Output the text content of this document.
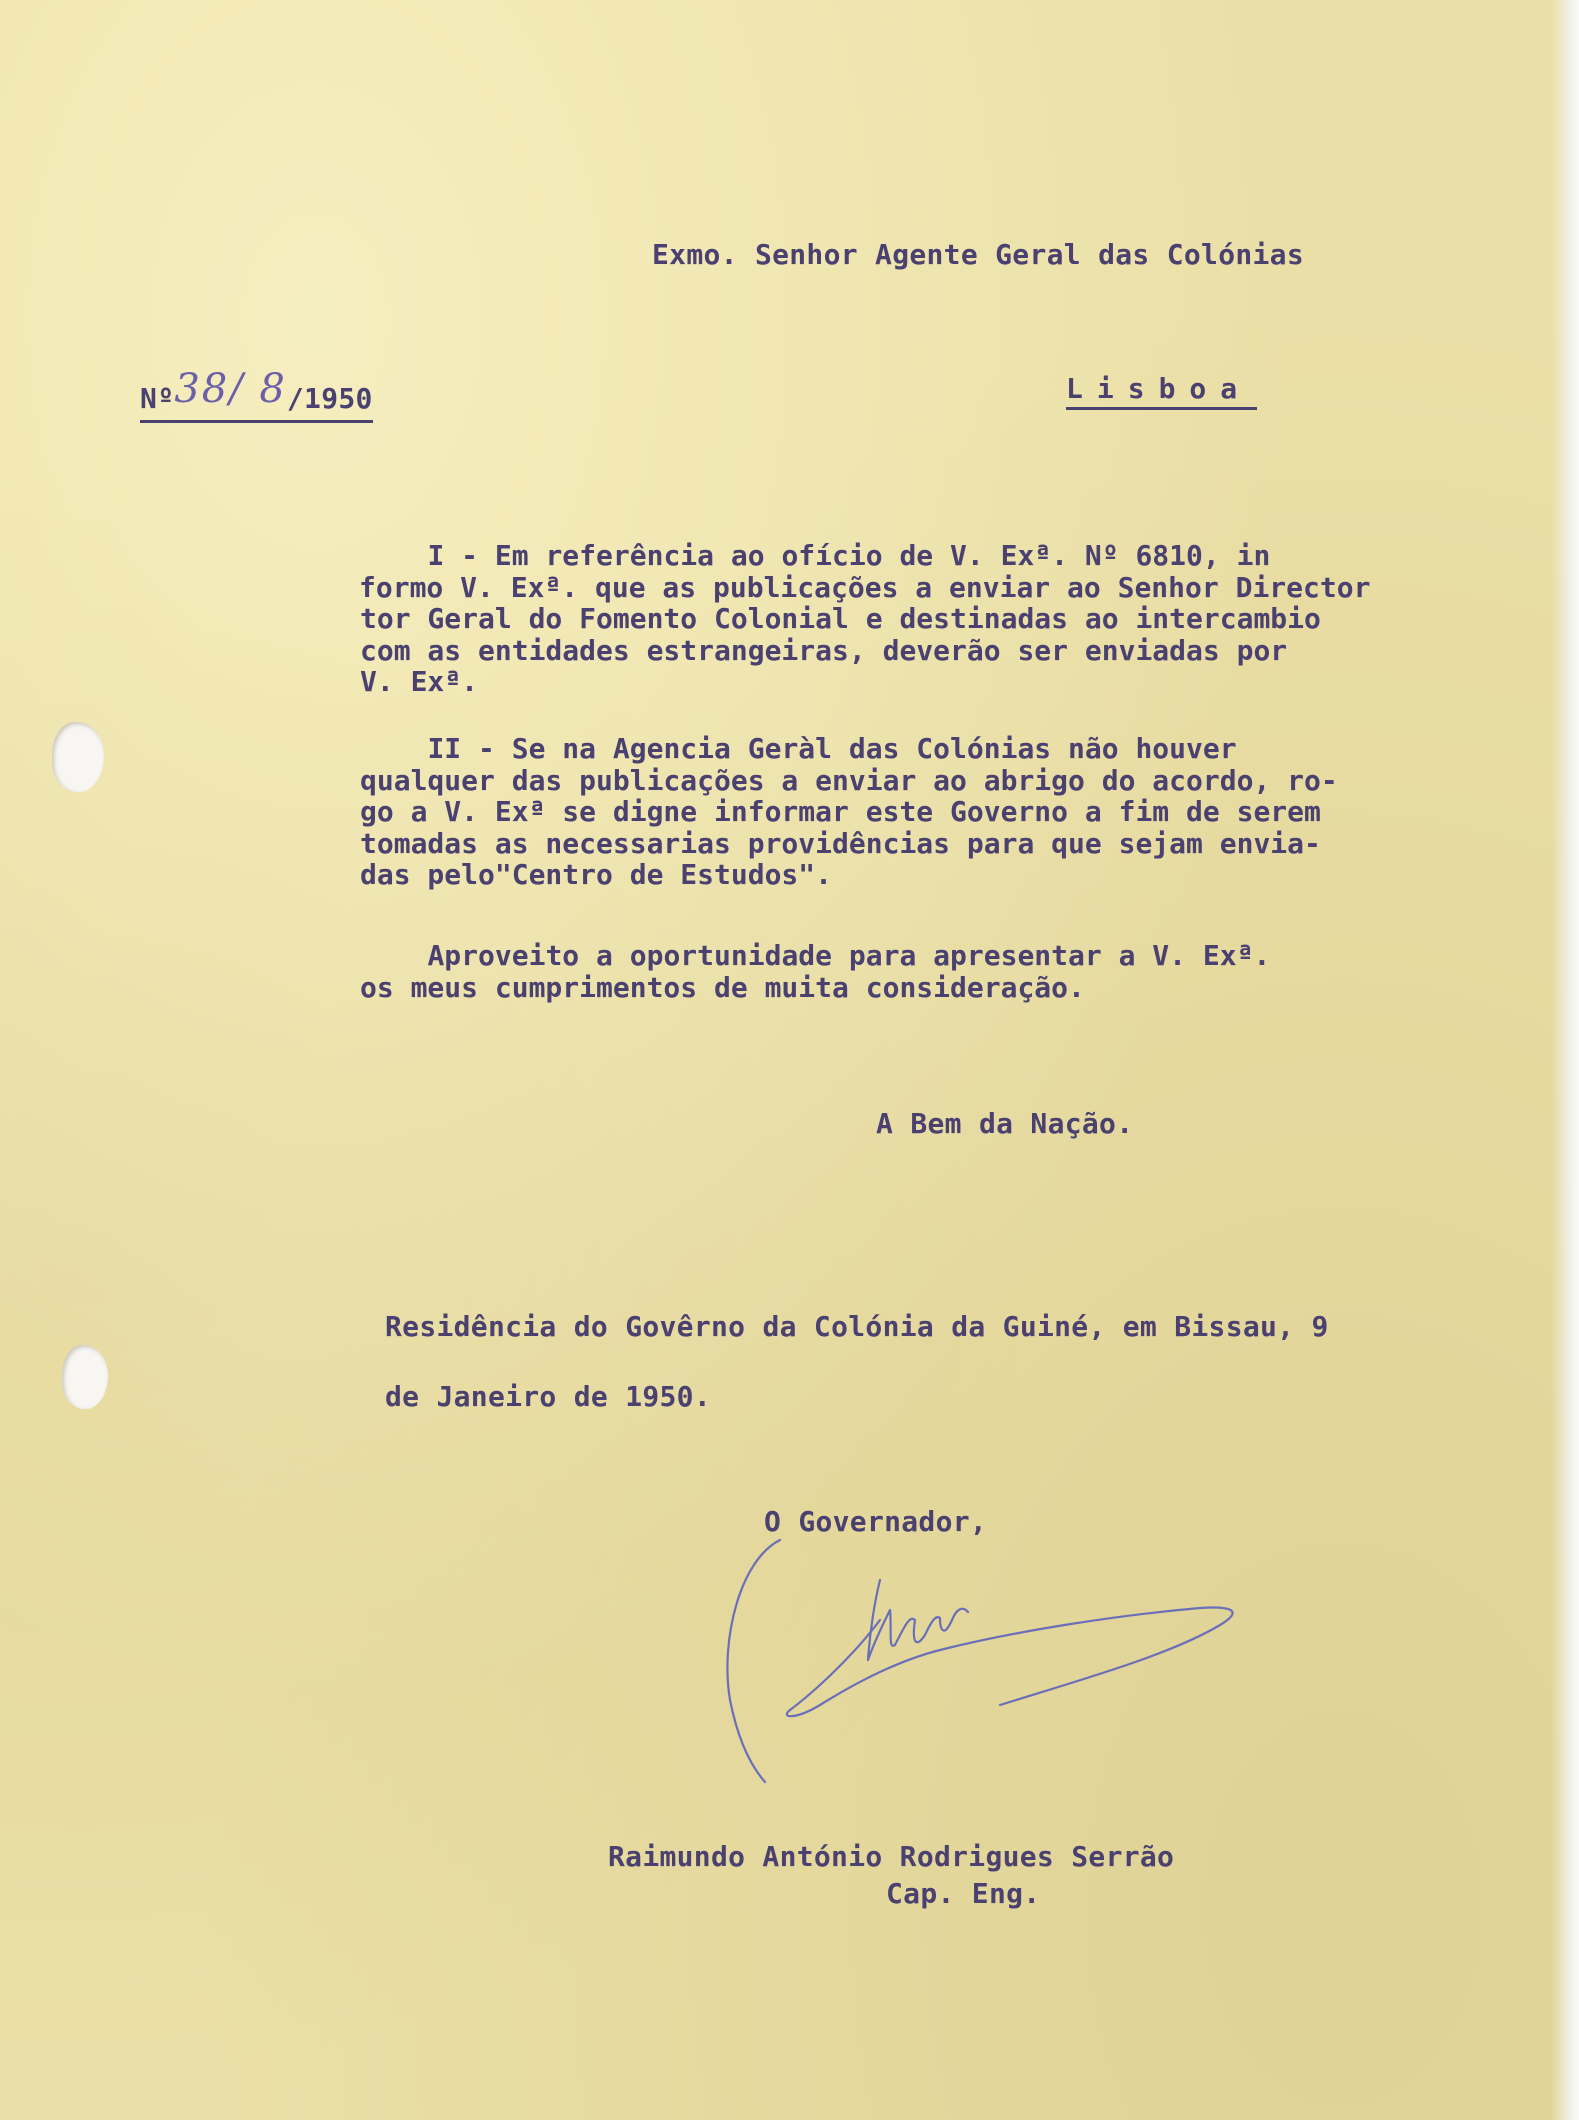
Exmo. Senhor Agente Geral das Colónias
Nº38/ 8/1950	Lisboa
I - Em referência ao ofício de V. Exª. Nº 6810, in
formo V. Exª. que as publicações a enviar ao Senhor Director
tor Geral do Fomento Colonial e destinadas ao intercambio
com as entidades estrangeiras, deverão ser enviadas por
V. Exª.
II - Se na Agencia Geràl das Colónias não houver
qualquer das publicações a enviar ao abrigo do acordo, ro-
go a V. Exª se digne informar este Governo a fim de serem
tomadas as necessarias providências para que sejam envia-
das pelo"Centro de Estudos".
Aproveito a oportunidade para apresentar a V. Exª.
os meus cumprimentos de muita consideração.
A Bem da Nação.
Residência do Govêrno da Colónia da Guiné, em Bissau, 9
de Janeiro de 1950.
O Governador,
Raimundo António Rodrigues Serrão
Cap. Eng.
